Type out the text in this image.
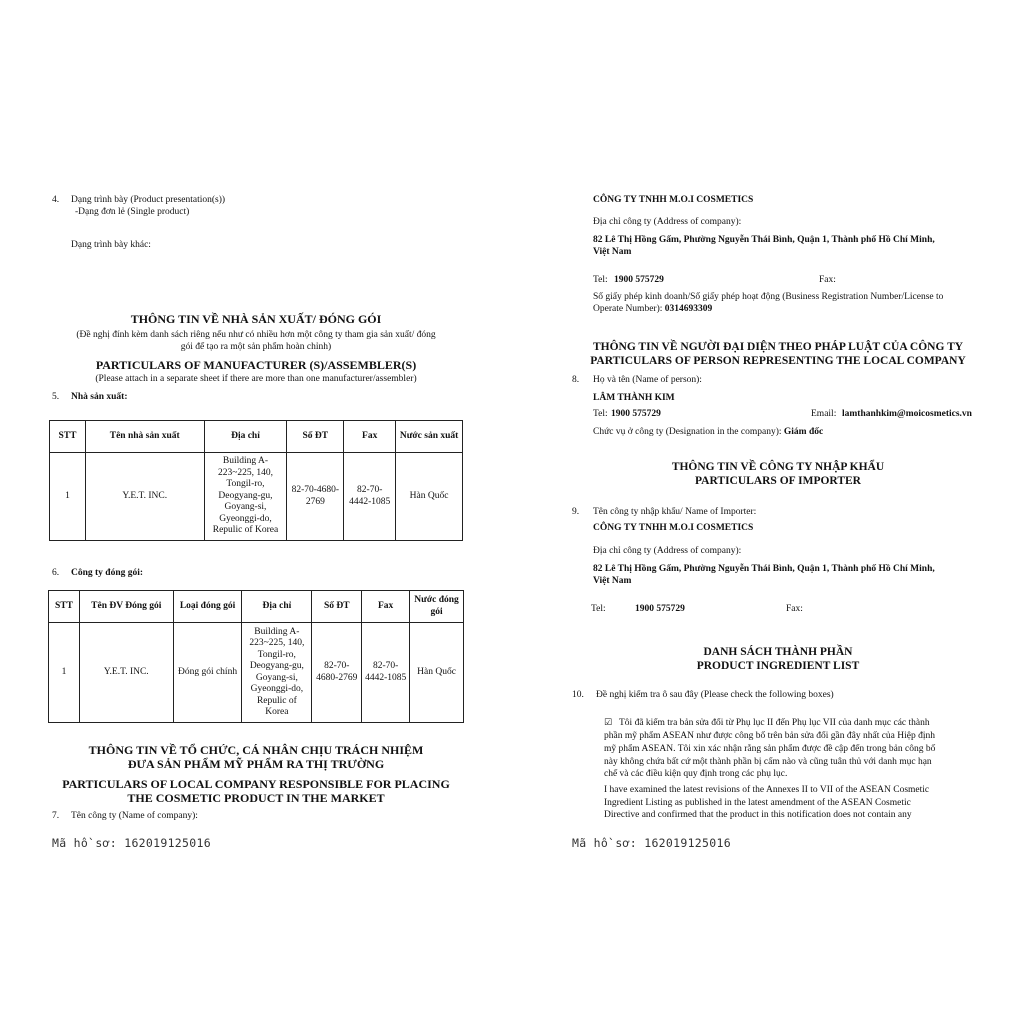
4. Dạng trình bày (Product presentation(s))
-Dạng đơn lẻ (Single product)
Dạng trình bày khác:
THÔNG TIN VỀ NHÀ SẢN XUẤT/ ĐÓNG GÓI
(Đề nghị đính kèm danh sách riêng nếu như có nhiều hơn một công ty tham gia sản xuất/ đóng
gói để tạo ra một sản phẩm hoàn chỉnh)
PARTICULARS OF MANUFACTURER (S)/ASSEMBLER(S)
(Please attach in a separate sheet if there are more than one manufacturer/assembler)
5. Nhà sản xuất:
STT	Tên nhà sản xuất	Địa chỉ	Số ĐT	Fax	Nước sản xuất
1	Y.E.T. INC.	Building A-223~225, 140, Tongil-ro, Deogyang-gu, Goyang-si, Gyeonggi-do, Repulic of Korea	82-70-4680-2769	82-70-4442-1085	Hàn Quốc
6. Công ty đóng gói:
STT	Tên ĐV Đóng gói	Loại đóng gói	Địa chỉ	Số ĐT	Fax	Nước đóng gói
1	Y.E.T. INC.	Đóng gói chính	Building A-223~225, 140, Tongil-ro, Deogyang-gu, Goyang-si, Gyeonggi-do, Repulic of Korea	82-70-4680-2769	82-70-4442-1085	Hàn Quốc
THÔNG TIN VỀ TỔ CHỨC, CÁ NHÂN CHỊU TRÁCH NHIỆM
ĐƯA SẢN PHẨM MỸ PHẨM RA THỊ TRƯỜNG
PARTICULARS OF LOCAL COMPANY RESPONSIBLE FOR PLACING
THE COSMETIC PRODUCT IN THE MARKET
7. Tên công ty (Name of company):
Mã hồ sơ: 162019125016
CÔNG TY TNHH M.O.I COSMETICS
Địa chỉ công ty (Address of company):
82 Lê Thị Hồng Gấm, Phường Nguyễn Thái Bình, Quận 1, Thành phố Hồ Chí Minh,
Việt Nam
Tel: 1900 575729	Fax:
Số giấy phép kinh doanh/Số giấy phép hoạt động (Business Registration Number/License to
Operate Number): 0314693309
THÔNG TIN VỀ NGƯỜI ĐẠI DIỆN THEO PHÁP LUẬT CỦA CÔNG TY
PARTICULARS OF PERSON REPRESENTING THE LOCAL COMPANY
8. Họ và tên (Name of person):
LÂM THÀNH KIM
Tel: 1900 575729	Email: lamthanhkim@moicosmetics.vn
Chức vụ ở công ty (Designation in the company): Giám đốc
THÔNG TIN VỀ CÔNG TY NHẬP KHẨU
PARTICULARS OF IMPORTER
9. Tên công ty nhập khẩu/ Name of Importer:
CÔNG TY TNHH M.O.I COSMETICS
Địa chỉ công ty (Address of company):
82 Lê Thị Hồng Gấm, Phường Nguyễn Thái Bình, Quận 1, Thành phố Hồ Chí Minh,
Việt Nam
Tel:	1900 575729	Fax:
DANH SÁCH THÀNH PHẦN
PRODUCT INGREDIENT LIST
10. Đề nghị kiểm tra ô sau đây (Please check the following boxes)
☑ Tôi đã kiểm tra bản sửa đổi từ Phụ lục II đến Phụ lục VII của danh mục các thành
phần mỹ phẩm ASEAN như được công bố trên bản sửa đổi gần đây nhất của Hiệp định
mỹ phẩm ASEAN. Tôi xin xác nhận rằng sản phẩm được đề cập đến trong bản công bố
này không chứa bất cứ một thành phần bị cấm nào và cũng tuân thủ với danh mục hạn
chế và các điều kiện quy định trong các phụ lục.
I have examined the latest revisions of the Annexes II to VII of the ASEAN Cosmetic
Ingredient Listing as published in the latest amendment of the ASEAN Cosmetic
Directive and confirmed that the product in this notification does not contain any
Mã hồ sơ: 162019125016
